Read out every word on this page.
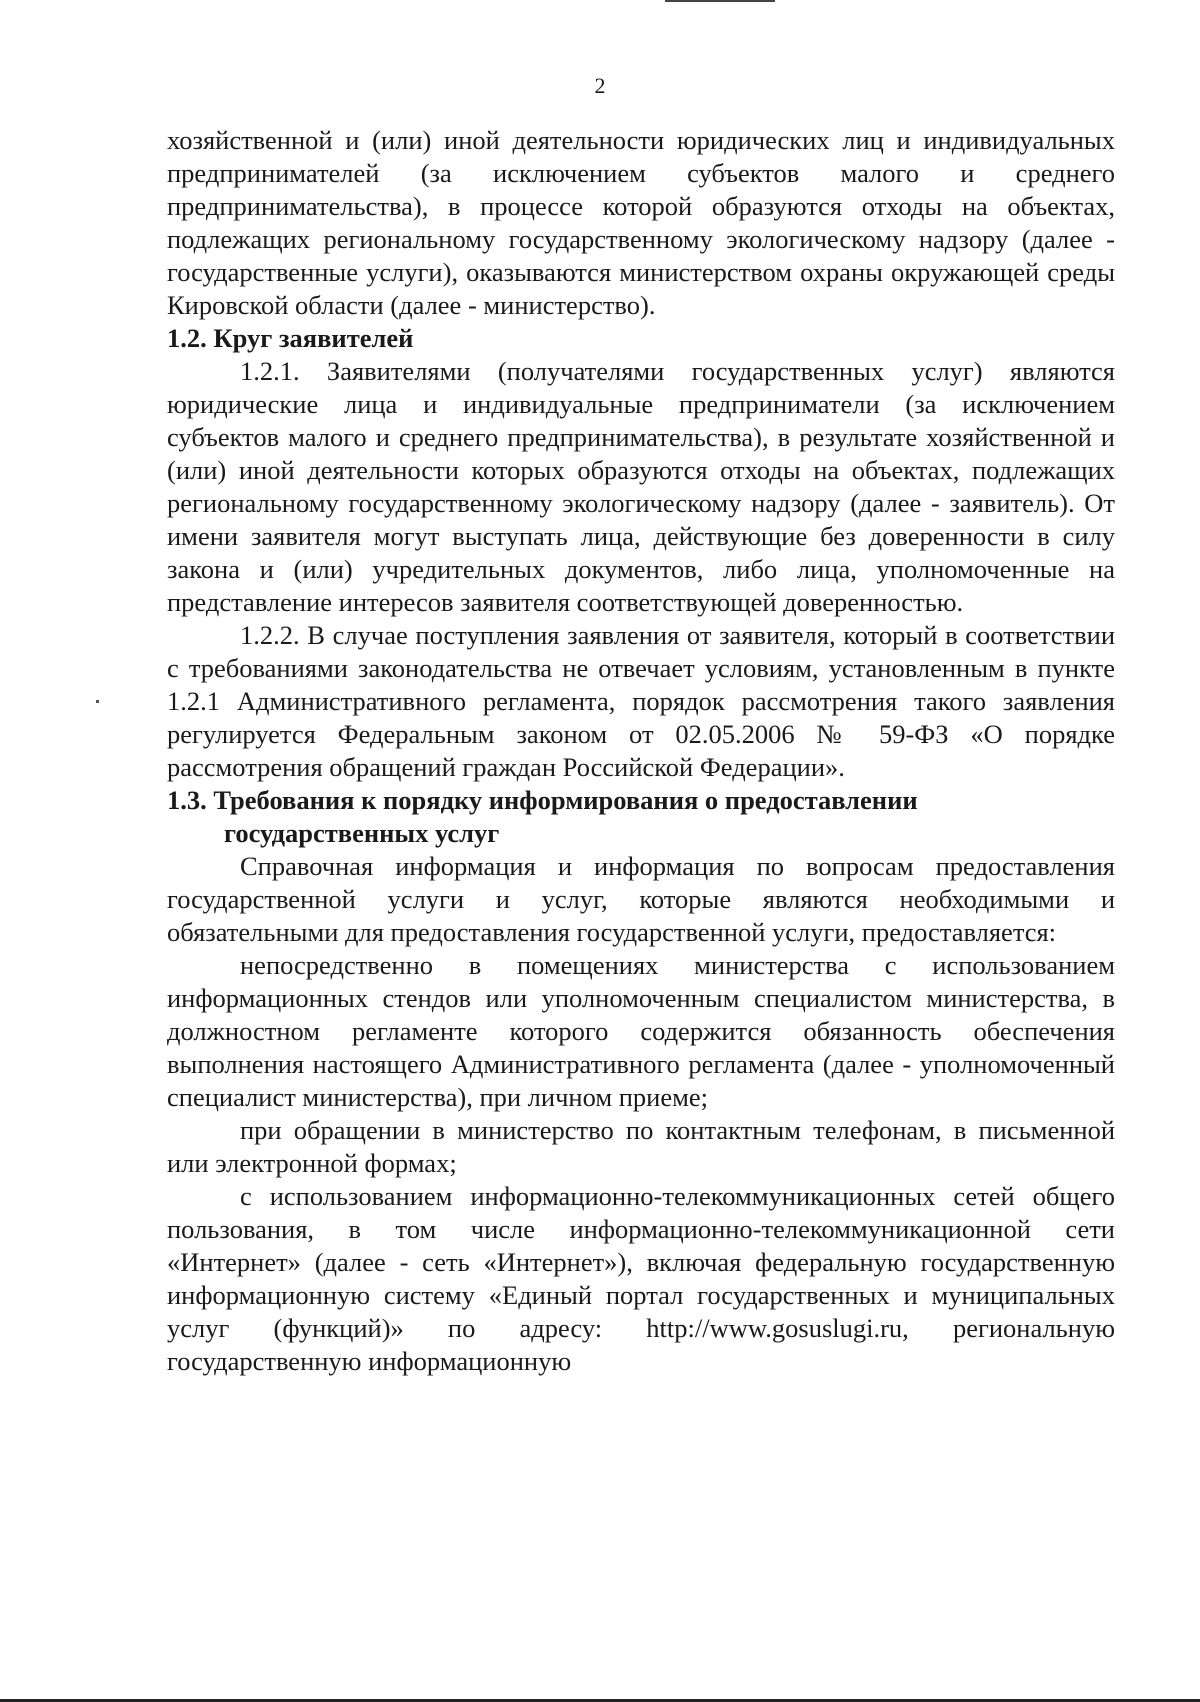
2

хозяйственной и (или) иной деятельности юридических лиц и индивидуальных предпринимателей (за исключением субъектов малого и среднего предпринимательства), в процессе которой образуются отходы на объектах, подлежащих региональному государственному экологическому надзору (далее - государственные услуги), оказываются министерством охраны окружающей среды Кировской области (далее - министерство).

1.2. Круг заявителей

1.2.1. Заявителями (получателями государственных услуг) являются юридические лица и индивидуальные предприниматели (за исключением субъектов малого и среднего предпринимательства), в результате хозяйственной и (или) иной деятельности которых образуются отходы на объектах, подлежащих региональному государственному экологическому надзору (далее - заявитель). От имени заявителя могут выступать лица, действующие без доверенности в силу закона и (или) учредительных документов, либо лица, уполномоченные на представление интересов заявителя соответствующей доверенностью.

1.2.2. В случае поступления заявления от заявителя, который в соответствии с требованиями законодательства не отвечает условиям, установленным в пункте 1.2.1 Административного регламента, порядок рассмотрения такого заявления регулируется Федеральным законом от 02.05.2006 № 59-ФЗ «О порядке рассмотрения обращений граждан Российской Федерации».

1.3. Требования к порядку информирования о предоставлении
государственных услуг

Справочная информация и информация по вопросам предоставления государственной услуги и услуг, которые являются необходимыми и обязательными для предоставления государственной услуги, предоставляется:

непосредственно в помещениях министерства с использованием информационных стендов или уполномоченным специалистом министерства, в должностном регламенте которого содержится обязанность обеспечения выполнения настоящего Административного регламента (далее - уполномоченный специалист министерства), при личном приеме;

при обращении в министерство по контактным телефонам, в письменной или электронной формах;

с использованием информационно-телекоммуникационных сетей общего пользования, в том числе информационно-телекоммуникационной сети «Интернет» (далее - сеть «Интернет»), включая федеральную государственную информационную систему «Единый портал государственных и муниципальных услуг (функций)» по адресу: http://www.gosuslugi.ru, региональную государственную информационную
